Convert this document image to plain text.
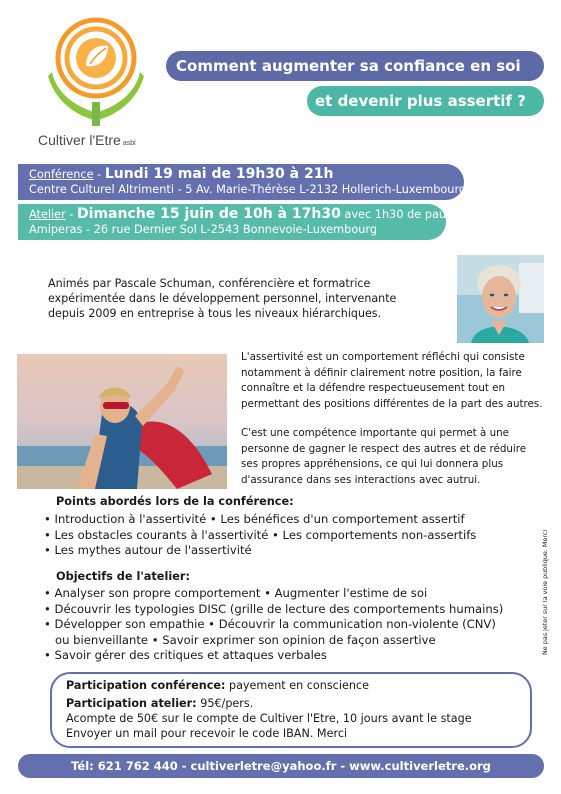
Cultiver l'Etre asbl
Comment augmenter sa confiance en soi
et devenir plus assertif ?
Conférence - Lundi 19 mai de 19h30 à 21h
Centre Culturel Altrimenti - 5 Av. Marie-Thérèse L-2132 Hollerich-Luxembourg
Atelier - Dimanche 15 juin de 10h à 17h30 avec 1h30 de pause
Amiperas - 26 rue Dernier Sol L-2543 Bonnevoie-Luxembourg
Animés par Pascale Schuman, conférencière et formatrice
expérimentée dans le développement personnel, intervenante
depuis 2009 en entreprise à tous les niveaux hiérarchiques.
L'assertivité est un comportement réfléchi qui consiste
notamment à définir clairement notre position, la faire
connaître et la défendre respectueusement tout en
permettant des positions différentes de la part des autres.
C'est une compétence importante qui permet à une
personne de gagner le respect des autres et de réduire
ses propres appréhensions, ce qui lui donnera plus
d'assurance dans ses interactions avec autrui.
Points abordés lors de la conférence:
• Introduction à l'assertivité • Les bénéfices d'un comportement assertif
• Les obstacles courants à l'assertivité • Les comportements non-assertifs
• Les mythes autour de l'assertivité
Objectifs de l'atelier:
• Analyser son propre comportement • Augmenter l'estime de soi
• Découvrir les typologies DISC (grille de lecture des comportements humains)
• Développer son empathie • Découvrir la communication non-violente (CNV)
ou bienveillante • Savoir exprimer son opinion de façon assertive
• Savoir gérer des critiques et attaques verbales	Ne pas jeter sur la voie publique. Merci
Participation conférence: payement en conscience
Participation atelier: 95€/pers.
Acompte de 50€ sur le compte de Cultiver l'Etre, 10 jours avant le stage
Envoyer un mail pour recevoir le code IBAN. Merci
Tél: 621 762 440 - cultiverletre@yahoo.fr - www.cultiverletre.org
